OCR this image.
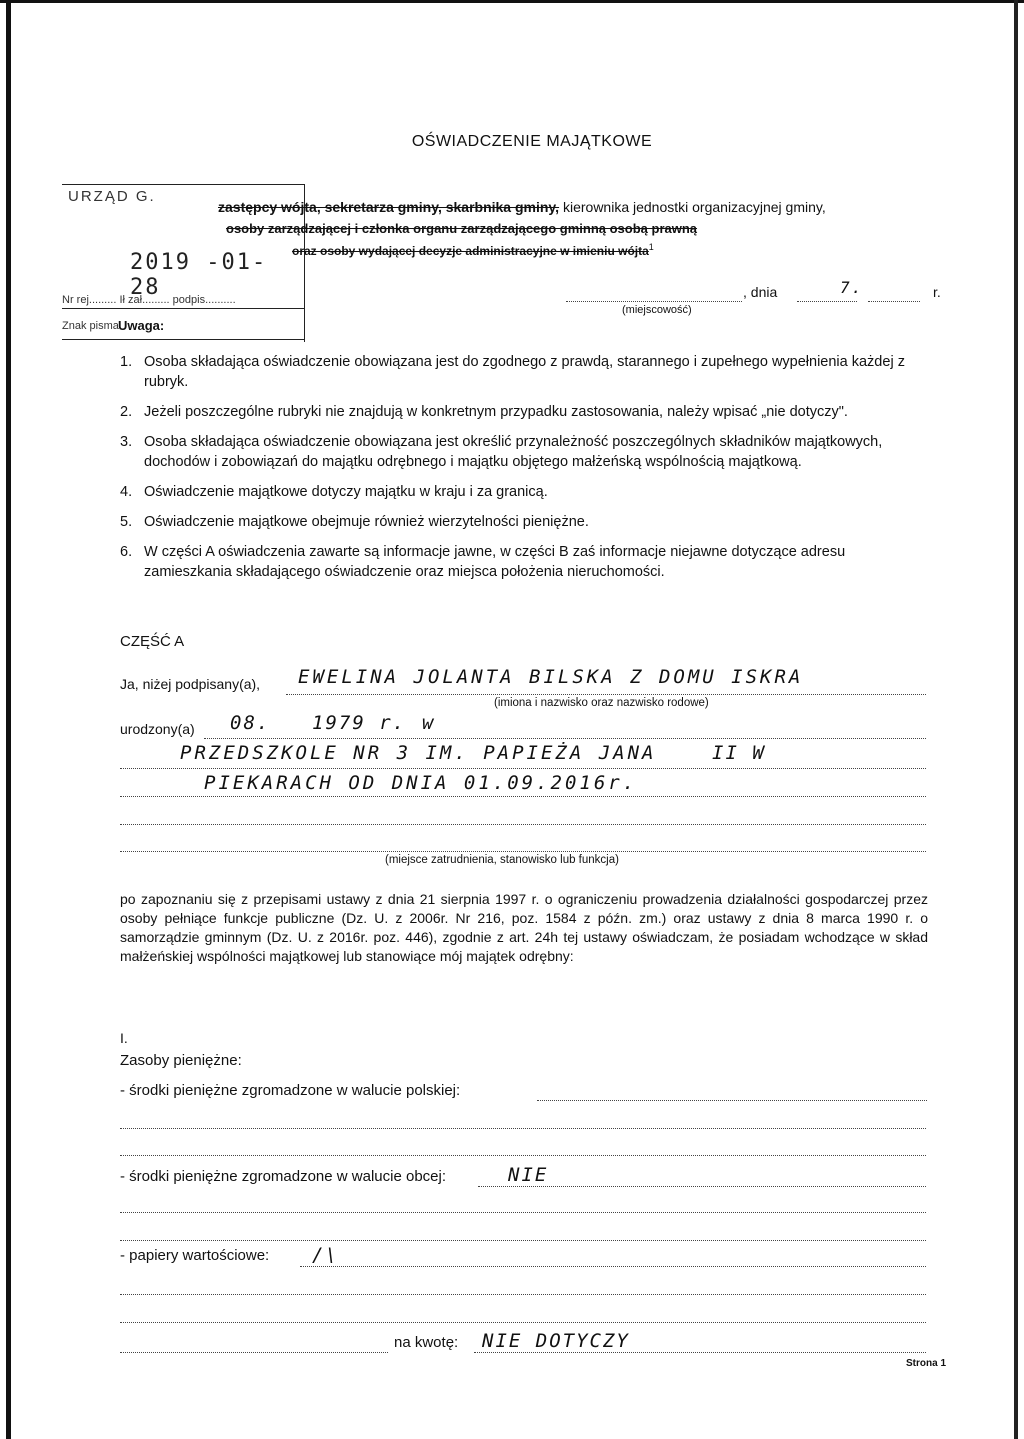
OŚWIADCZENIE MAJĄTKOWE
URZĄD G.
2019 -01- 28
Nr rej......... Ił zał......... podpis..........
Znak pisma Uwaga:
zastępcy wójta, sekretarza gminy, skarbnika gminy, kierownika jednostki organizacyjnej gminy,
osoby zarządzającej i członka organu zarządzającego gminną osobą prawną
oraz osoby wydającej decyzje administracyjne w imieniu wójta$^1$
, dnia	7.	r.
(miejscowość)
1. Osoba składająca oświadczenie obowiązana jest do zgodnego z prawdą, starannego i zupełnego wypełnienia każdej z rubryk.
2. Jeżeli poszczególne rubryki nie znajdują w konkretnym przypadku zastosowania, należy wpisać „nie dotyczy".
3. Osoba składająca oświadczenie obowiązana jest określić przynależność poszczególnych składników majątkowych, dochodów i zobowiązań do majątku odrębnego i majątku objętego małżeńską wspólnością majątkową.
4. Oświadczenie majątkowe dotyczy majątku w kraju i za granicą.
5. Oświadczenie majątkowe obejmuje również wierzytelności pieniężne.
6. W części A oświadczenia zawarte są informacje jawne, w części B zaś informacje niejawne dotyczące adresu zamieszkania składającego oświadczenie oraz miejsca położenia nieruchomości.
CZĘŚĆ A
Ja, niżej podpisany(a), EWELINA JOLANTA BILSKA Z DOMU ISKRA
(imiona i nazwisko oraz nazwisko rodowe)
urodzony(a) 08. 1979 r. w
PRZEDSZKOLE NR 3 IM. PAPIEŻA JANA	II W
PIEKARACH OD DNIA 01.09.2016r.
(miejsce zatrudnienia, stanowisko lub funkcja)
po zapoznaniu się z przepisami ustawy z dnia 21 sierpnia 1997 r. o ograniczeniu prowadzenia działalności gospodarczej przez osoby pełniące funkcje publiczne (Dz. U. z 2006r. Nr 216, poz. 1584 z późn. zm.) oraz ustawy z dnia 8 marca 1990 r. o samorządzie gminnym (Dz. U. z 2016r. poz. 446), zgodnie z art. 24h tej ustawy oświadczam, że posiadam wchodzące w skład małżeńskiej wspólności majątkowej lub stanowiące mój majątek odrębny:
I.
Zasoby pieniężne:
- środki pieniężne zgromadzone w walucie polskiej:
- środki pieniężne zgromadzone w walucie obcej:	NIE
- papiery wartościowe: /\
na kwotę: NIE DOTYCZY
Strona 1
